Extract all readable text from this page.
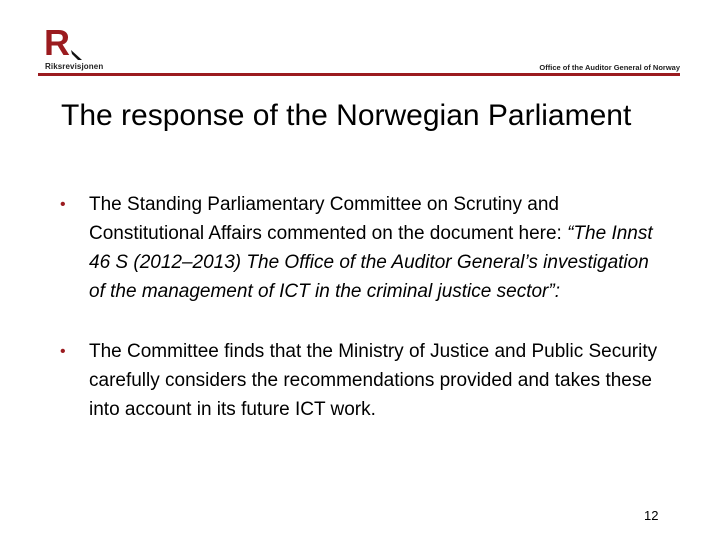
R
Riksrevisjonen	Office of the Auditor General of Norway
The response of the Norwegian Parliament
• The Standing Parliamentary Committee on Scrutiny and Constitutional Affairs commented on the document here: “The Innst 46 S (2012–2013) The Office of the Auditor General’s investigation of the management of ICT in the criminal justice sector”:
• The Committee finds that the Ministry of Justice and Public Security carefully considers the recommendations provided and takes these into account in its future ICT work.
12
